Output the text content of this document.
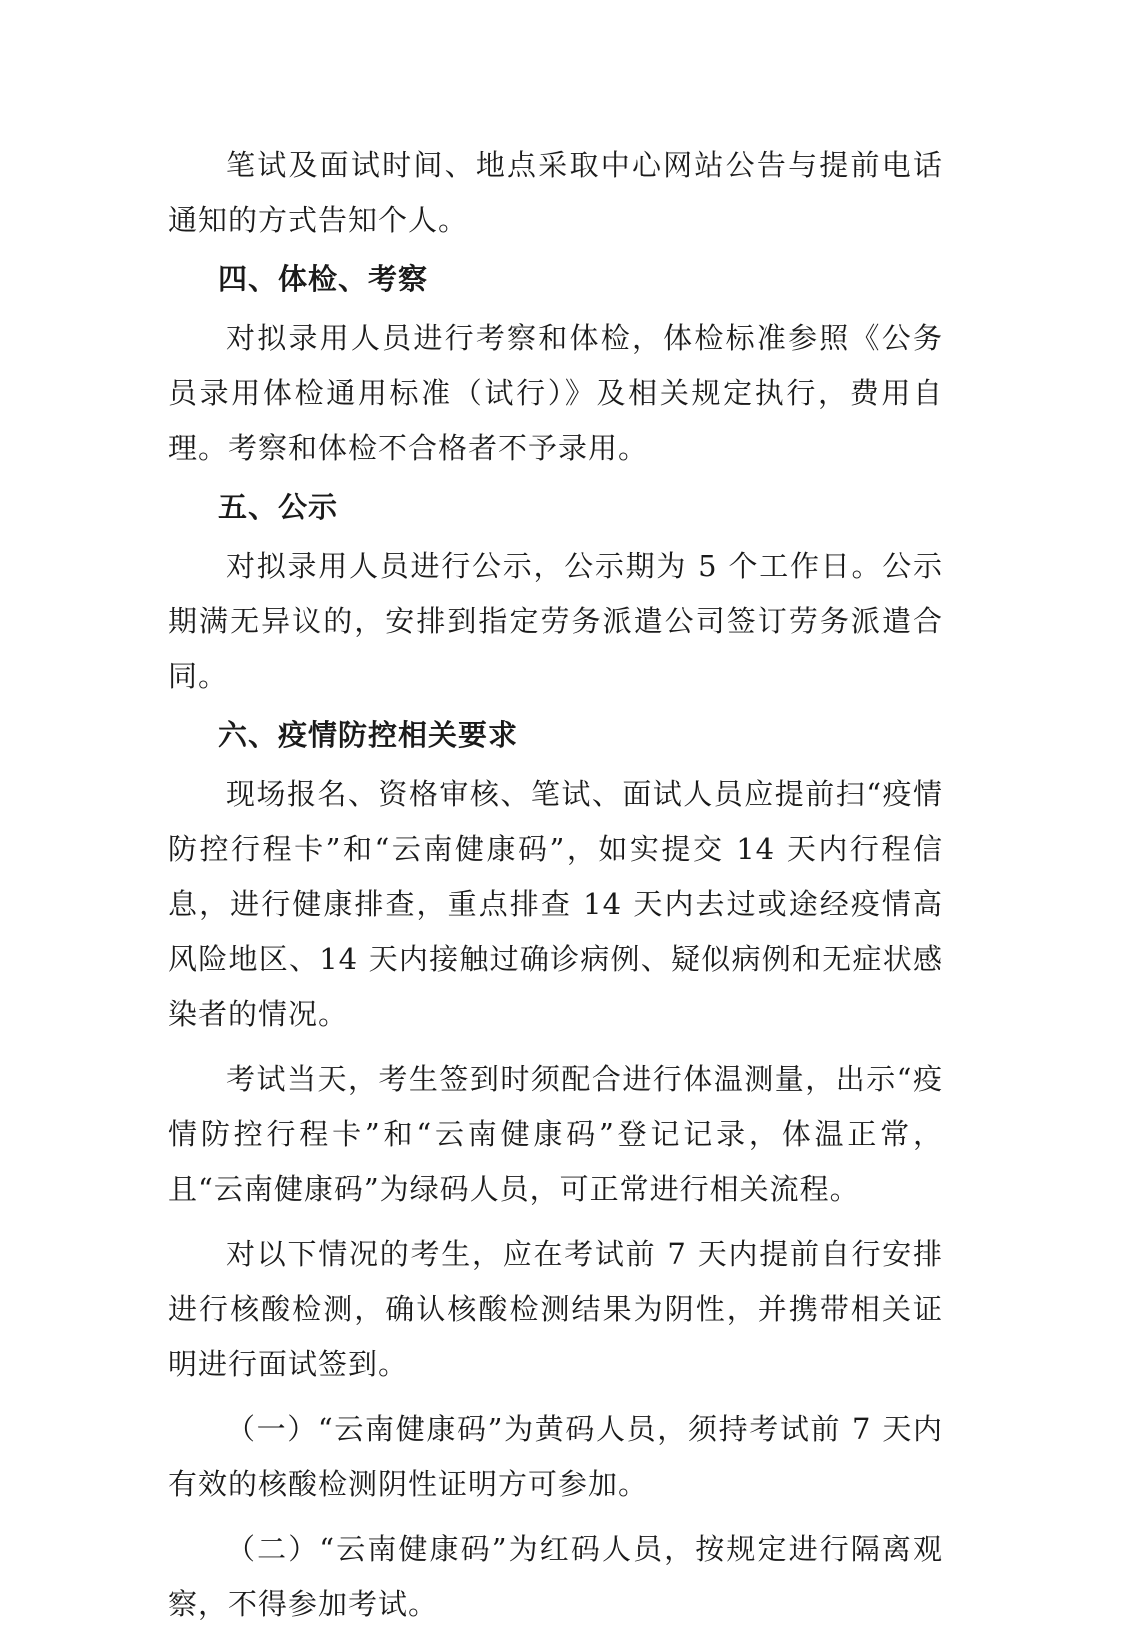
笔试及面试时间、地点采取中心网站公告与提前电话通知的方式告知个人。

四、体检、考察

对拟录用人员进行考察和体检，体检标准参照《公务员录用体检通用标准（试行）》及相关规定执行，费用自理。考察和体检不合格者不予录用。

五、公示

对拟录用人员进行公示，公示期为 5 个工作日。公示期满无异议的，安排到指定劳务派遣公司签订劳务派遣合同。

六、疫情防控相关要求

现场报名、资格审核、笔试、面试人员应提前扫“疫情防控行程卡”和“云南健康码”，如实提交 14 天内行程信息，进行健康排查，重点排查 14 天内去过或途经疫情高风险地区、14 天内接触过确诊病例、疑似病例和无症状感染者的情况。

考试当天，考生签到时须配合进行体温测量，出示“疫情防控行程卡”和“云南健康码”登记记录，体温正常，且“云南健康码”为绿码人员，可正常进行相关流程。

对以下情况的考生，应在考试前 7 天内提前自行安排进行核酸检测，确认核酸检测结果为阴性，并携带相关证明进行面试签到。

（一）“云南健康码”为黄码人员，须持考试前 7 天内有效的核酸检测阴性证明方可参加。

（二）“云南健康码”为红码人员，按规定进行隔离观察，不得参加考试。
